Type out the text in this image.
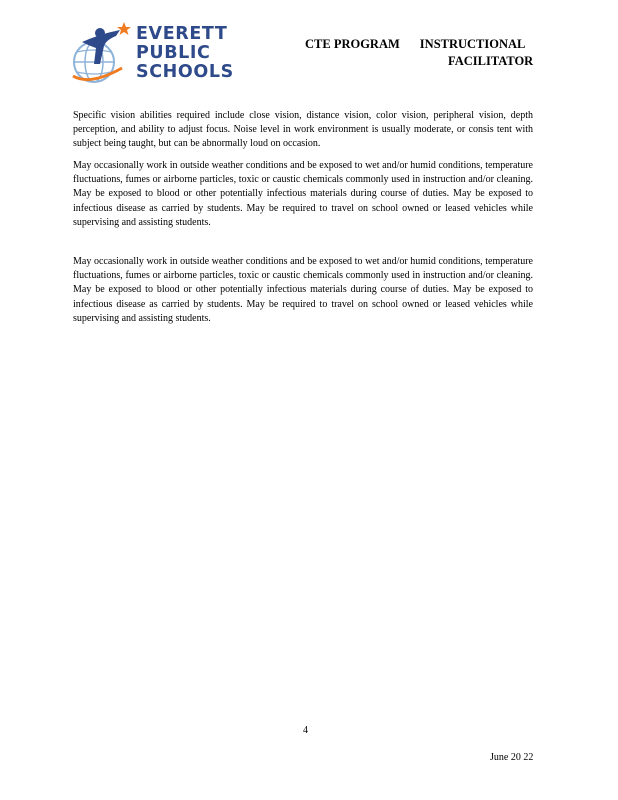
EVERETT
PUBLIC
SCHOOLS
CTE PROGRAM INSTRUCTIONAL
FACILITATOR

Specific vision abilities required include close vision, distance vision, color vision, peripheral vision, depth perception, and ability to adjust focus. Noise level in work environment is usually moderate, or consis tent with subject being taught, but can be abnormally loud on occasion.

May occasionally work in outside weather conditions and be exposed to wet and/or humid conditions, temperature fluctuations, fumes or airborne particles, toxic or caustic chemicals commonly used in instruction and/or cleaning. May be exposed to blood or other potentially infectious materials during course of duties. May be exposed to infectious disease as carried by students. May be required to travel on school owned or leased vehicles while supervising and assisting students.

May occasionally work in outside weather conditions and be exposed to wet and/or humid conditions, temperature fluctuations, fumes or airborne particles, toxic or caustic chemicals commonly used in instruction and/or cleaning. May be exposed to blood or other potentially infectious materials during course of duties. May be exposed to infectious disease as carried by students. May be required to travel on school owned or leased vehicles while supervising and assisting students.

4
June 20 22
